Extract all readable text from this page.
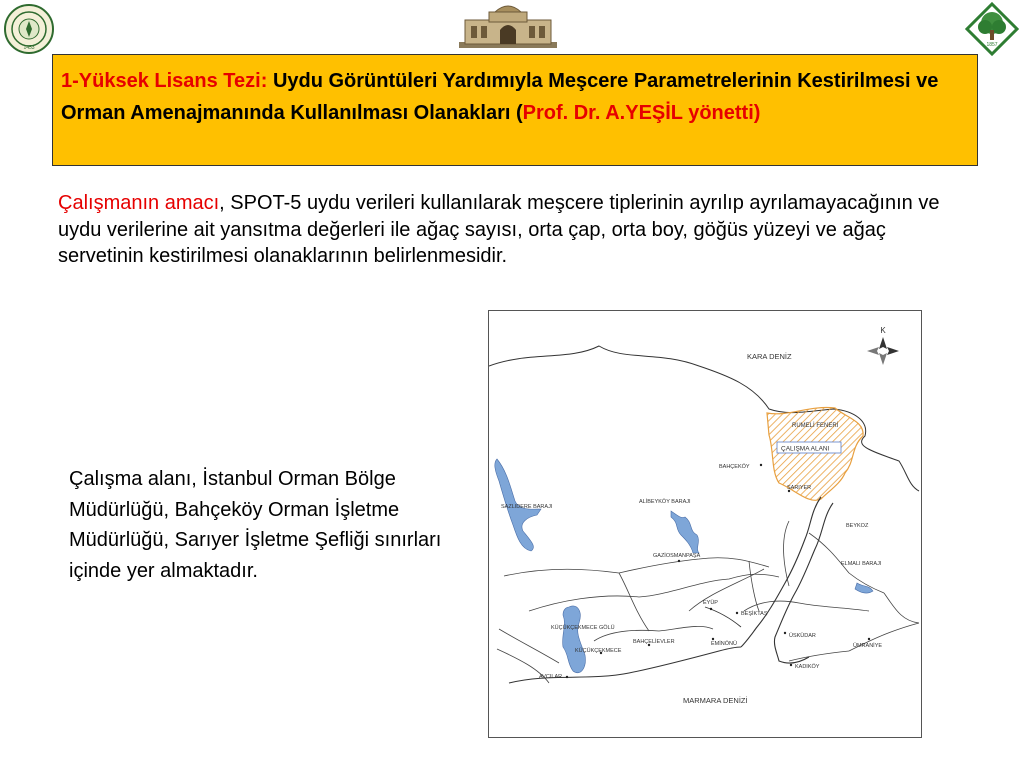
1453	1857
1-Yüksek Lisans Tezi: Uydu Görüntüleri Yardımıyla Meşcere Parametrelerinin Kestirilmesi ve Orman Amenajmanında Kullanılması Olanakları (Prof. Dr. A.YEŞİL yönetti)
Çalışmanın amacı, SPOT-5 uydu verileri kullanılarak meşcere tiplerinin ayrılıp ayrılamayacağının ve uydu verilerine ait yansıtma değerleri ile ağaç sayısı, orta çap, orta boy, göğüs yüzeyi ve ağaç servetinin kestirilmesi olanaklarının belirlenmesidir.
Çalışma alanı, İstanbul Orman Bölge Müdürlüğü, Bahçeköy Orman İşletme Müdürlüğü, Sarıyer İşletme Şefliği sınırları içinde yer almaktadır.
K
KARA DENİZ
MARMARA DENİZİ
RUMELİ FENERİ
ÇALIŞMA ALANI
BAHÇEKÖY
SARIYER
SAZLIDERE BARAJI
ALİBEYKÖY BARAJI
BEYKOZ
GAZİOSMANPAŞA
ELMALI BARAJI
EYÜP
BEŞİKTAŞ
KÜÇÜKÇEKMECE GÖLÜ
BAHÇELİEVLER	EMİNÖNÜ
ÜSKÜDAR
ÜMRANİYE
KÜÇÜKÇEKMECE
KADIKÖY
AVCILAR
